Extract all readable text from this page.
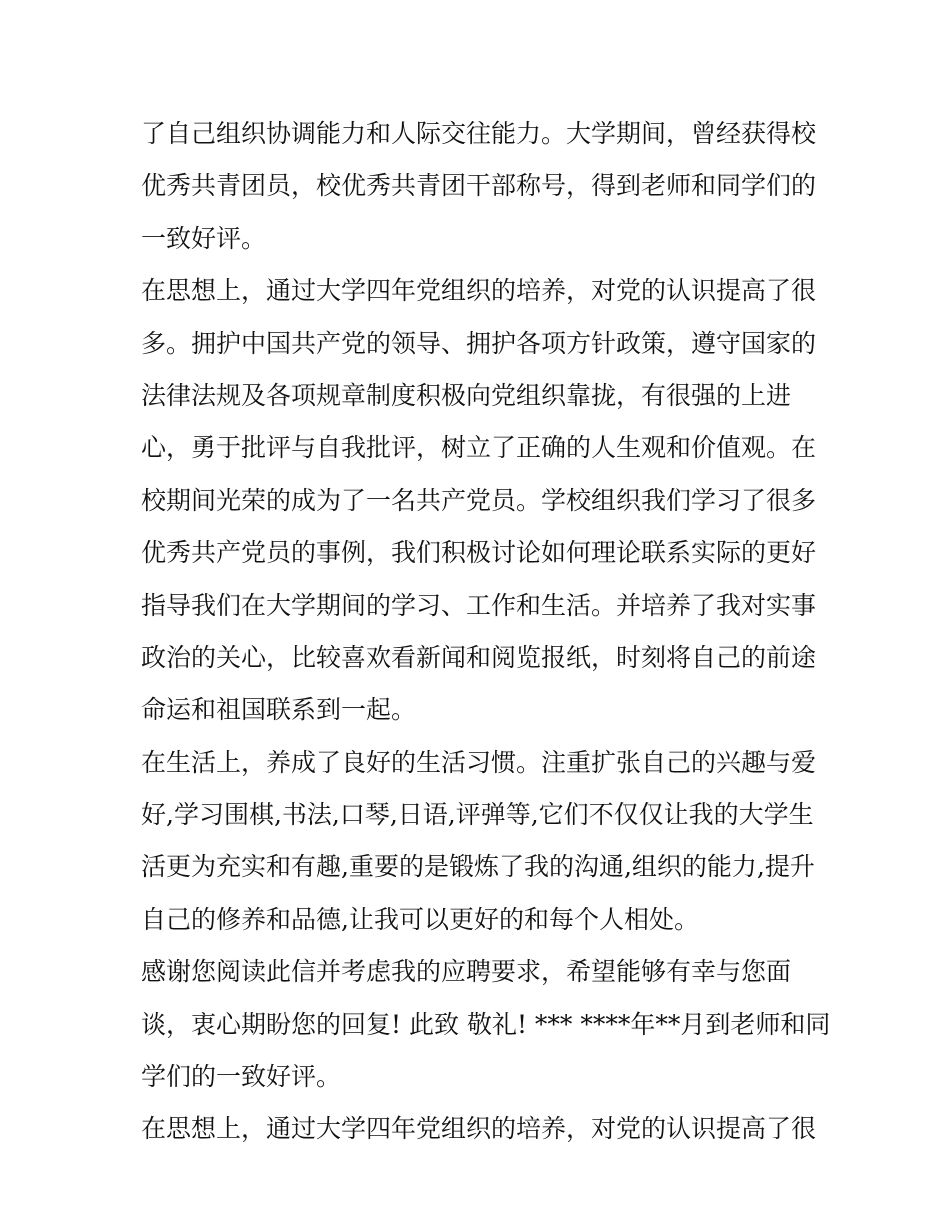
了自己组织协调能力和人际交往能力。大学期间，曾经获得校
优秀共青团员，校优秀共青团干部称号，得到老师和同学们的
一致好评。
在思想上，通过大学四年党组织的培养，对党的认识提高了很
多。拥护中国共产党的领导、拥护各项方针政策，遵守国家的
法律法规及各项规章制度积极向党组织靠拢，有很强的上进
心，勇于批评与自我批评，树立了正确的人生观和价值观。在
校期间光荣的成为了一名共产党员。学校组织我们学习了很多
优秀共产党员的事例，我们积极讨论如何理论联系实际的更好
指导我们在大学期间的学习、工作和生活。并培养了我对实事
政治的关心，比较喜欢看新闻和阅览报纸，时刻将自己的前途
命运和祖国联系到一起。
在生活上，养成了良好的生活习惯。注重扩张自己的兴趣与爱
好,学习围棋,书法,口琴,日语,评弹等,它们不仅仅让我的大学生
活更为充实和有趣,重要的是锻炼了我的沟通,组织的能力,提升
自己的修养和品德,让我可以更好的和每个人相处。
感谢您阅读此信并考虑我的应聘要求，希望能够有幸与您面
谈，衷心期盼您的回复! 此致 敬礼! *** ****年**月到老师和同
学们的一致好评。
在思想上，通过大学四年党组织的培养，对党的认识提高了很
